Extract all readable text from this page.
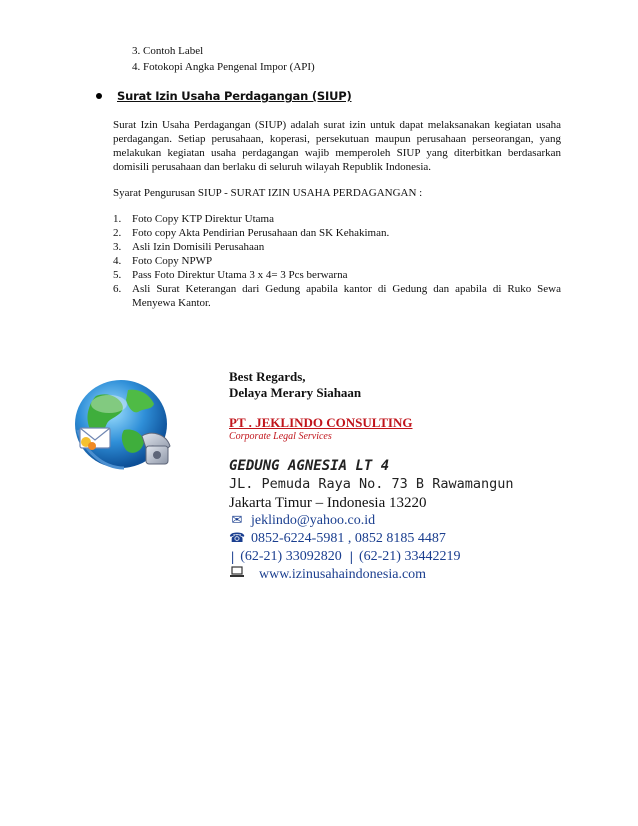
3. Contoh Label
4. Fotokopi Angka Pengenal Impor (API)
Surat Izin Usaha Perdagangan (SIUP)
Surat Izin Usaha Perdagangan (SIUP) adalah surat izin untuk dapat melaksanakan kegiatan usaha perdagangan. Setiap perusahaan, koperasi, persekutuan maupun perusahaan perseorangan, yang melakukan kegiatan usaha perdagangan wajib memperoleh SIUP yang diterbitkan berdasarkan domisili perusahaan dan berlaku di seluruh wilayah Republik Indonesia.
Syarat Pengurusan SIUP - SURAT IZIN USAHA PERDAGANGAN :
1. Foto Copy KTP Direktur Utama
2. Foto copy Akta Pendirian Perusahaan dan SK Kehakiman.
3. Asli Izin Domisili Perusahaan
4. Foto Copy NPWP
5. Pass Foto Direktur Utama 3 x 4= 3 Pcs berwarna
6. Asli Surat Keterangan dari Gedung apabila kantor di Gedung dan apabila di Ruko Sewa Menyewa Kantor.
Best Regards,
Delaya Merary Siahaan
PT . JEKLINDO CONSULTING
Corporate Legal Services
GEDUNG AGNESIA LT 4
JL. Pemuda Raya No. 73 B Rawamangun
Jakarta Timur – Indonesia 13220
✉ jeklindo@yahoo.co.id
☎ 0852-6224-5981 , 0852 8185 4487
| (62-21) 33092820 | (62-21) 33442219
www.izinusahaindonesia.com
